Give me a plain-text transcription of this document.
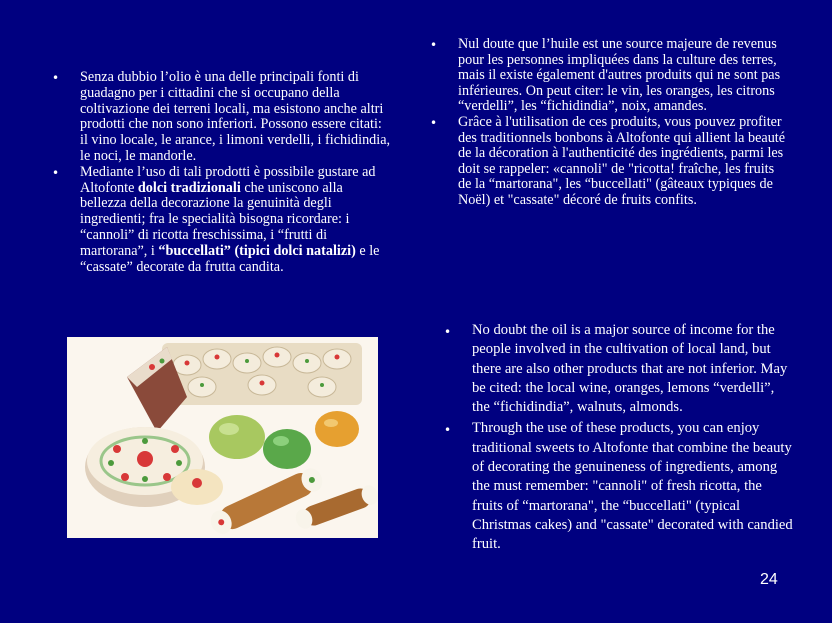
• Senza dubbio l’olio è una delle principali fonti di guadagno per i cittadini che si occupano della coltivazione dei terreni locali, ma esistono anche altri prodotti che non sono inferiori. Possono essere citati: il vino locale, le arance, i limoni verdelli, i fichidindia, le noci, le mandorle.
• Mediante l’uso di tali prodotti è possibile gustare ad Altofonte dolci tradizionali che uniscono alla bellezza della decorazione la genuinità degli ingredienti; fra le specialità bisogna ricordare: i “cannoli” di ricotta freschissima, i “frutti di martorana”, i “buccellati” (tipici dolci natalizi) e le “cassate” decorate da frutta candita.
• Nul doute que l’huile est une source majeure de revenus pour les personnes impliquées dans la culture des terres, mais il existe également d'autres produits qui ne sont pas inférieures. On peut citer: le vin, les oranges, les citrons “verdelli”, les “fichidindia”, noix, amandes.
• Grâce à l'utilisation de ces produits, vous pouvez profiter des traditionnels bonbons à Altofonte qui allient la beauté de la décoration à l'authenticité des ingrédients, parmi les doit se rappeler: «cannoli" de "ricotta! fraîche, les fruits de la “martorana", les “buccellati" (gâteaux typiques de Noël) et "cassate" décoré de fruits confits.
• No doubt the oil is a major source of income for the people involved in the cultivation of local land, but there are also other products that are not inferior. May be cited: the local wine, oranges, lemons “verdelli”, the “fichidindia”, walnuts, almonds.
• Through the use of these products, you can enjoy traditional sweets to Altofonte that combine the beauty of decorating the genuineness of ingredients, among the must remember: "cannoli" of fresh ricotta, the fruits of “martorana", the “buccellati" (typical Christmas cakes) and "cassate" decorated with candied fruit.
24
